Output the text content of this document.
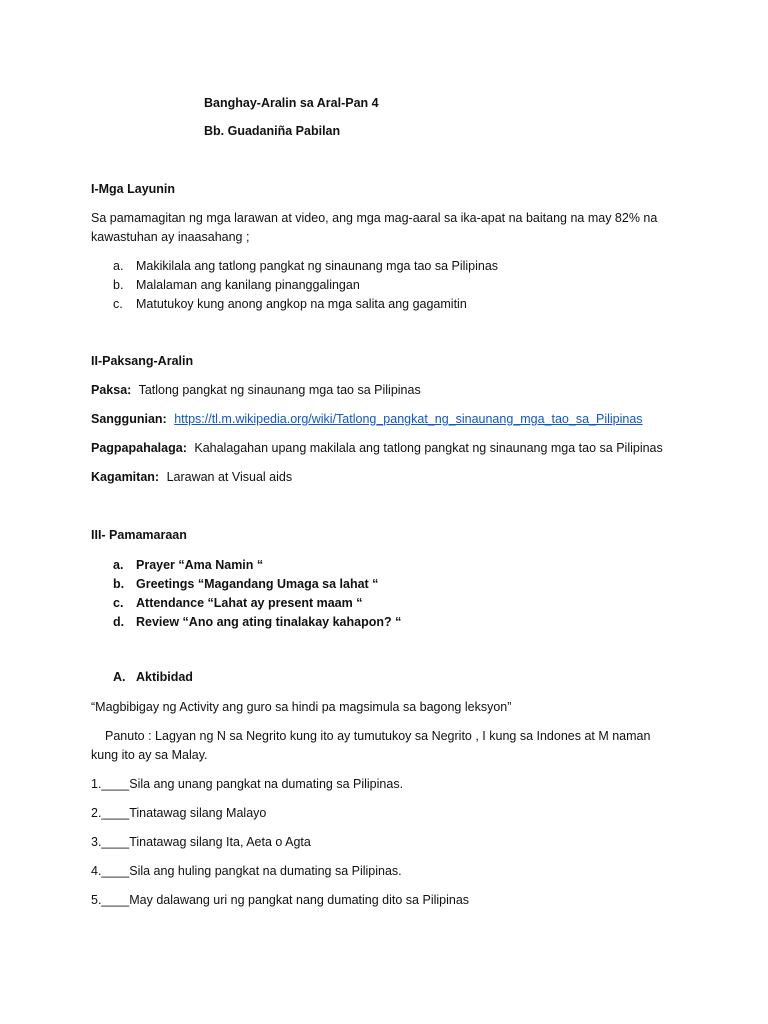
Banghay-Aralin sa Aral-Pan 4
Bb. Guadaniña Pabilan
I-Mga Layunin
Sa pamamagitan ng mga larawan at video, ang mga mag-aaral sa ika-apat na baitang na may 82% na
kawastuhan ay inaasahang ;
a.	Makikilala ang tatlong pangkat ng sinaunang mga tao sa Pilipinas
b.	Malalaman ang kanilang pinanggalingan
c.	Matutukoy kung anong angkop na mga salita ang gagamitin
II-Paksang-Aralin
Paksa: Tatlong pangkat ng sinaunang mga tao sa Pilipinas
Sanggunian: https://tl.m.wikipedia.org/wiki/Tatlong_pangkat_ng_sinaunang_mga_tao_sa_Pilipinas
Pagpapahalaga: Kahalagahan upang makilala ang tatlong pangkat ng sinaunang mga tao sa Pilipinas
Kagamitan: Larawan at Visual aids
III- Pamamaraan
a.	Prayer “Ama Namin “
b. Greetings “Magandang Umaga sa lahat “
c.	Attendance “Lahat ay present maam “
d. Review “Ano ang ating tinalakay kahapon? “
A. Aktibidad
“Magbibigay ng Activity ang guro sa hindi pa magsimula sa bagong leksyon”
Panuto : Lagyan ng N sa Negrito kung ito ay tumutukoy sa Negrito , I kung sa Indones at M naman
kung ito ay sa Malay.
1.____Sila ang unang pangkat na dumating sa Pilipinas.
2.____Tinatawag silang Malayo
3.____Tinatawag silang Ita, Aeta o Agta
4.____Sila ang huling pangkat na dumating sa Pilipinas.
5.____May dalawang uri ng pangkat nang dumating dito sa Pilipinas
